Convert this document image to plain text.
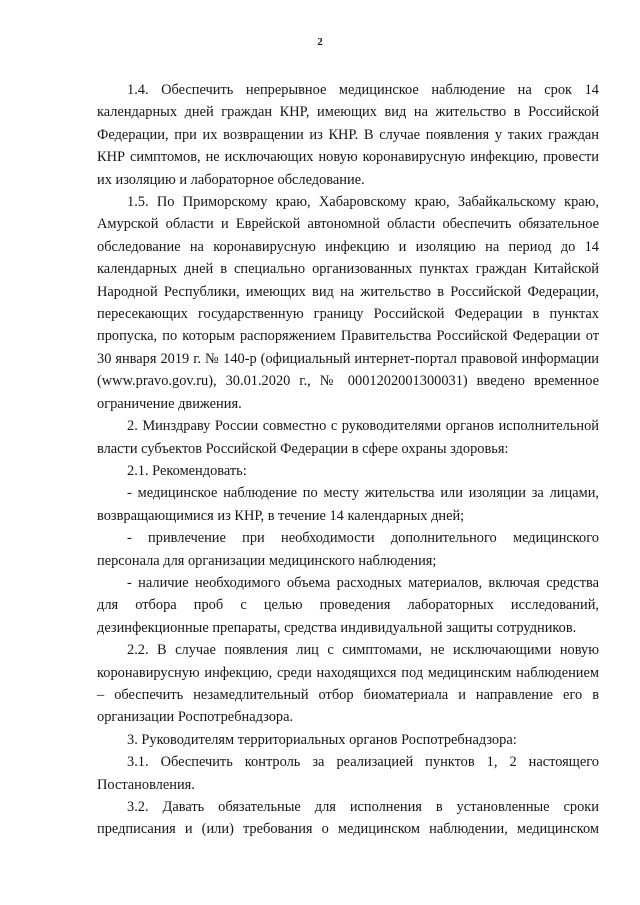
2

1.4. Обеспечить непрерывное медицинское наблюдение на срок 14 календарных дней граждан КНР, имеющих вид на жительство в Российской Федерации, при их возвращении из КНР. В случае появления у таких граждан КНР симптомов, не исключающих новую коронавирусную инфекцию, провести их изоляцию и лабораторное обследование.

1.5. По Приморскому краю, Хабаровскому краю, Забайкальскому краю, Амурской области и Еврейской автономной области обеспечить обязательное обследование на коронавирусную инфекцию и изоляцию на период до 14 календарных дней в специально организованных пунктах граждан Китайской Народной Республики, имеющих вид на жительство в Российской Федерации, пересекающих государственную границу Российской Федерации в пунктах пропуска, по которым распоряжением Правительства Российской Федерации от 30 января 2019 г. № 140-р (официальный интернет-портал правовой информации (www.pravo.gov.ru), 30.01.2020 г., № 0001202001300031) введено временное ограничение движения.

2. Минздраву России совместно с руководителями органов исполнительной власти субъектов Российской Федерации в сфере охраны здоровья:

2.1. Рекомендовать:

- медицинское наблюдение по месту жительства или изоляции за лицами, возвращающимися из КНР, в течение 14 календарных дней;

- привлечение при необходимости дополнительного медицинского персонала для организации медицинского наблюдения;

- наличие необходимого объема расходных материалов, включая средства для отбора проб с целью проведения лабораторных исследований, дезинфекционные препараты, средства индивидуальной защиты сотрудников.

2.2. В случае появления лиц с симптомами, не исключающими новую коронавирусную инфекцию, среди находящихся под медицинским наблюдением – обеспечить незамедлительный отбор биоматериала и направление его в организации Роспотребнадзора.

3. Руководителям территориальных органов Роспотребнадзора:

3.1. Обеспечить контроль за реализацией пунктов 1, 2 настоящего Постановления.

3.2. Давать обязательные для исполнения в установленные сроки предписания и (или) требования о медицинском наблюдении, медицинском
